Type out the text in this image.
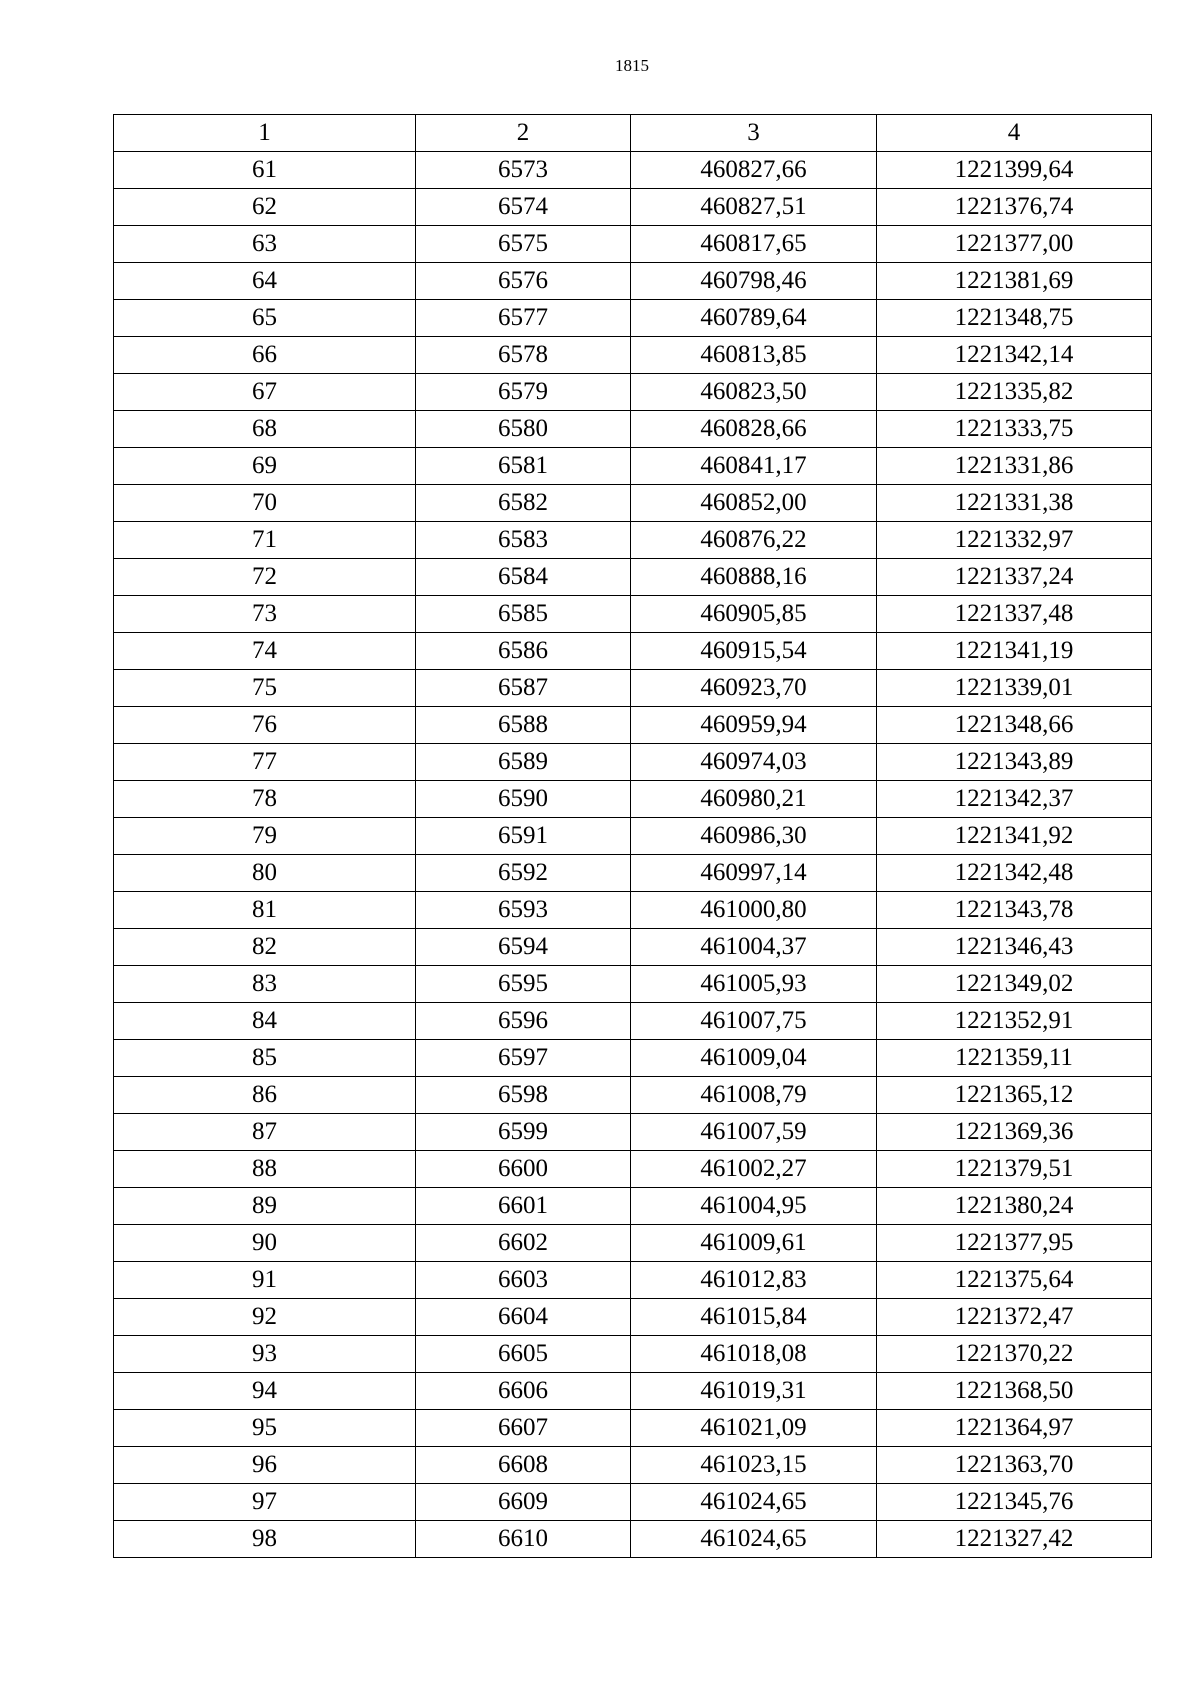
1815
1	2	3	4
61	6573	460827,66	1221399,64
62	6574	460827,51	1221376,74
63	6575	460817,65	1221377,00
64	6576	460798,46	1221381,69
65	6577	460789,64	1221348,75
66	6578	460813,85	1221342,14
67	6579	460823,50	1221335,82
68	6580	460828,66	1221333,75
69	6581	460841,17	1221331,86
70	6582	460852,00	1221331,38
71	6583	460876,22	1221332,97
72	6584	460888,16	1221337,24
73	6585	460905,85	1221337,48
74	6586	460915,54	1221341,19
75	6587	460923,70	1221339,01
76	6588	460959,94	1221348,66
77	6589	460974,03	1221343,89
78	6590	460980,21	1221342,37
79	6591	460986,30	1221341,92
80	6592	460997,14	1221342,48
81	6593	461000,80	1221343,78
82	6594	461004,37	1221346,43
83	6595	461005,93	1221349,02
84	6596	461007,75	1221352,91
85	6597	461009,04	1221359,11
86	6598	461008,79	1221365,12
87	6599	461007,59	1221369,36
88	6600	461002,27	1221379,51
89	6601	461004,95	1221380,24
90	6602	461009,61	1221377,95
91	6603	461012,83	1221375,64
92	6604	461015,84	1221372,47
93	6605	461018,08	1221370,22
94	6606	461019,31	1221368,50
95	6607	461021,09	1221364,97
96	6608	461023,15	1221363,70
97	6609	461024,65	1221345,76
98	6610	461024,65	1221327,42
